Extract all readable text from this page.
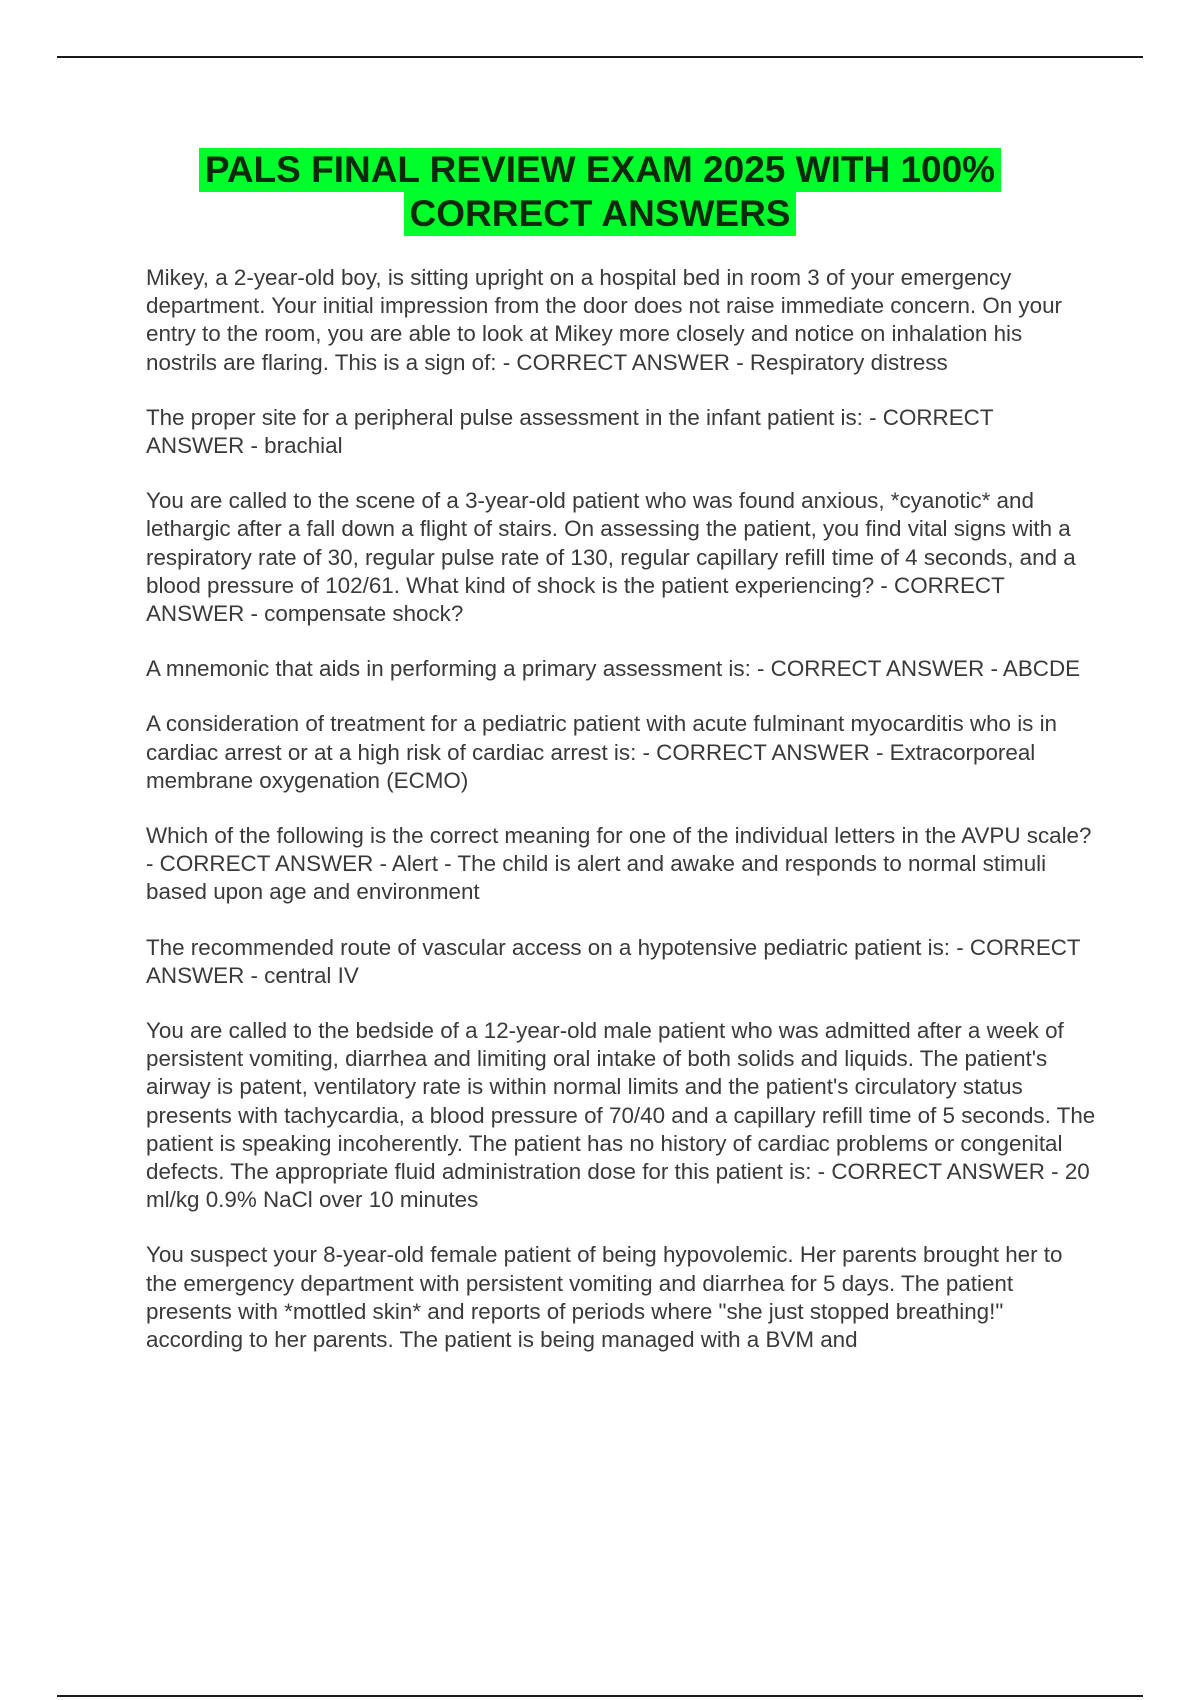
PALS FINAL REVIEW EXAM 2025 WITH 100%
CORRECT ANSWERS

Mikey, a 2-year-old boy, is sitting upright on a hospital bed in room 3 of your emergency department. Your initial impression from the door does not raise immediate concern. On your entry to the room, you are able to look at Mikey more closely and notice on inhalation his nostrils are flaring. This is a sign of: - CORRECT ANSWER - Respiratory distress

The proper site for a peripheral pulse assessment in the infant patient is: - CORRECT ANSWER - brachial

You are called to the scene of a 3-year-old patient who was found anxious, *cyanotic* and lethargic after a fall down a flight of stairs. On assessing the patient, you find vital signs with a respiratory rate of 30, regular pulse rate of 130, regular capillary refill time of 4 seconds, and a blood pressure of 102/61. What kind of shock is the patient experiencing? - CORRECT ANSWER - compensate shock?

A mnemonic that aids in performing a primary assessment is: - CORRECT ANSWER - ABCDE

A consideration of treatment for a pediatric patient with acute fulminant myocarditis who is in cardiac arrest or at a high risk of cardiac arrest is: - CORRECT ANSWER - Extracorporeal membrane oxygenation (ECMO)

Which of the following is the correct meaning for one of the individual letters in the AVPU scale? - CORRECT ANSWER - Alert - The child is alert and awake and responds to normal stimuli based upon age and environment

The recommended route of vascular access on a hypotensive pediatric patient is: - CORRECT ANSWER - central IV

You are called to the bedside of a 12-year-old male patient who was admitted after a week of persistent vomiting, diarrhea and limiting oral intake of both solids and liquids. The patient's airway is patent, ventilatory rate is within normal limits and the patient's circulatory status presents with tachycardia, a blood pressure of 70/40 and a capillary refill time of 5 seconds. The patient is speaking incoherently. The patient has no history of cardiac problems or congenital defects. The appropriate fluid administration dose for this patient is: - CORRECT ANSWER - 20 ml/kg 0.9% NaCl over 10 minutes

You suspect your 8-year-old female patient of being hypovolemic. Her parents brought her to the emergency department with persistent vomiting and diarrhea for 5 days. The patient presents with *mottled skin* and reports of periods where "she just stopped breathing!" according to her parents. The patient is being managed with a BVM and
